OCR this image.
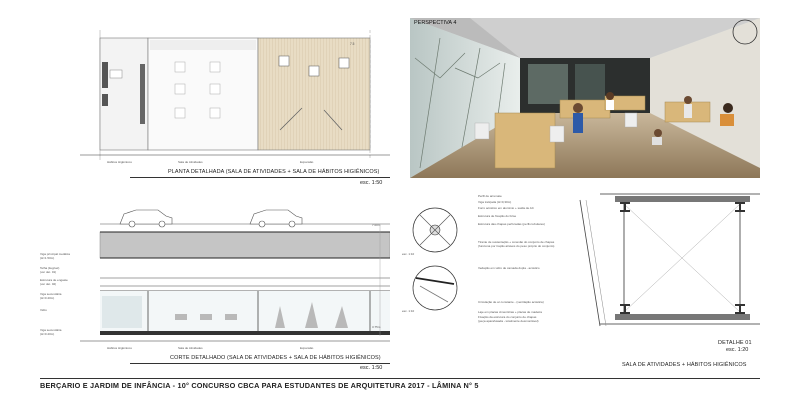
7.5
Hábitos Higiênicos	Sala de Atividades	Expansão
PLANTA DETALHADA (SALA DE ATIVIDADES + SALA DE HÁBITOS HIGIÊNICOS)
esc. 1:50
PERSPECTIVA 4
7.00m
3.75m
Viga principal metálica
(H=1.50m)
Telha (ilegível)
(ver det. 01)
Estrutura de engaste
(ver det. 02)
Viga secundária
(H=0.40m)
Vidro
Viga secundária
(H=0.40m)
Hábitos Higiênicos	Sala de Atividades	Expansão
CORTE DETALHADO (SALA DE ATIVIDADES + SALA DE HÁBITOS HIGIÊNICOS)
esc. 1:50
esc. 1:10
esc. 1:10
Perfil de arremate
Viga treliçada (H=0,30m)
Forro acústico em alumínio + saída de AC
Estrutura de fixação do brise
Estrutura das chapas perfuradas (perfis tubulares)
Tirante de sustentação + conexão do conjunto de chapas
(funciona por tração através do peso próprio do conjunto)
Vedação em vidro de camada dupla - acústico
Circulação de ar constante - (ventilação acústica)
Laje em placas cimentícias + placas de madeira
Fixação da estrutura do conjunto de chapas
(peça aparafusada - totalmente desmontável)
DETALHE 01
esc. 1:20
SALA DE ATIVIDADES + HÁBITOS HIGIÊNICOS
BERÇARIO E JARDIM DE INFÂNCIA - 10° CONCURSO CBCA PARA ESTUDANTES DE ARQUITETURA 2017 - LÂMINA N° 5
